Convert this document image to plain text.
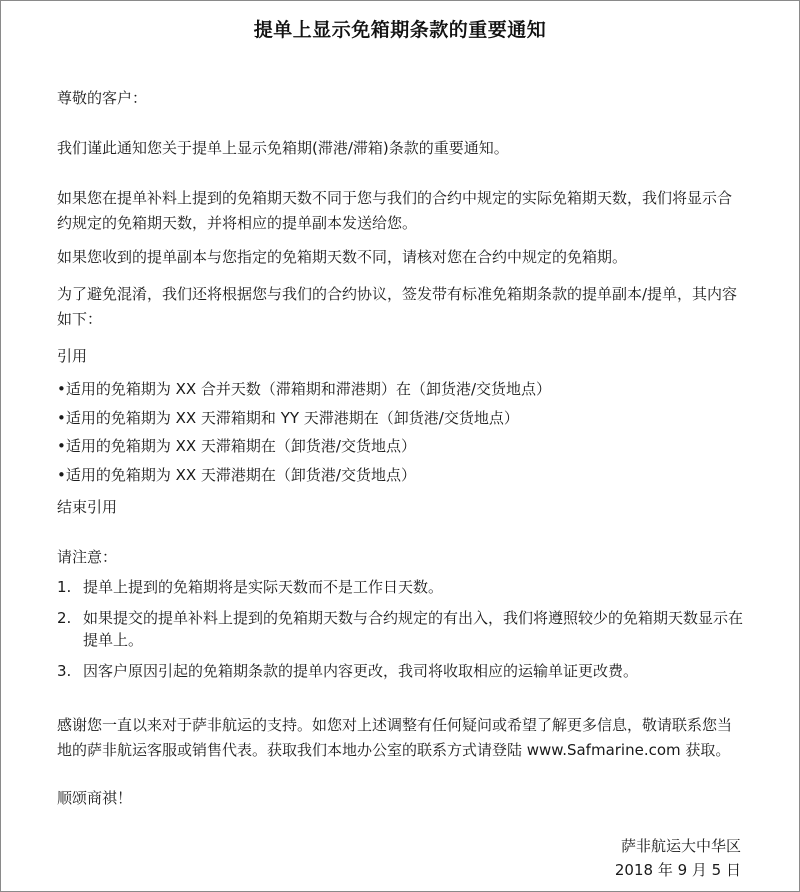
提单上显示免箱期条款的重要通知

尊敬的客户：

我们谨此通知您关于提单上显示免箱期(滞港/滞箱)条款的重要通知。

如果您在提单补料上提到的免箱期天数不同于您与我们的合约中规定的实际免箱期天数，我们将显示合约规定的免箱期天数，并将相应的提单副本发送给您。

如果您收到的提单副本与您指定的免箱期天数不同，请核对您在合约中规定的免箱期。

为了避免混淆，我们还将根据您与我们的合约协议，签发带有标准免箱期条款的提单副本/提单，其内容如下：

引用

•适用的免箱期为 XX 合并天数（滞箱期和滞港期）在（卸货港/交货地点）
•适用的免箱期为 XX 天滞箱期和 YY 天滞港期在（卸货港/交货地点）
•适用的免箱期为 XX 天滞箱期在（卸货港/交货地点）
•适用的免箱期为 XX 天滞港期在（卸货港/交货地点）

结束引用

请注意：

1. 提单上提到的免箱期将是实际天数而不是工作日天数。
2. 如果提交的提单补料上提到的免箱期天数与合约规定的有出入，我们将遵照较少的免箱期天数显示在提单上。
3. 因客户原因引起的免箱期条款的提单内容更改，我司将收取相应的运输单证更改费。

感谢您一直以来对于萨非航运的支持。如您对上述调整有任何疑问或希望了解更多信息，敬请联系您当地的萨非航运客服或销售代表。获取我们本地办公室的联系方式请登陆 www.Safmarine.com 获取。

顺颂商祺！

萨非航运大中华区
2018 年 9 月 5 日
